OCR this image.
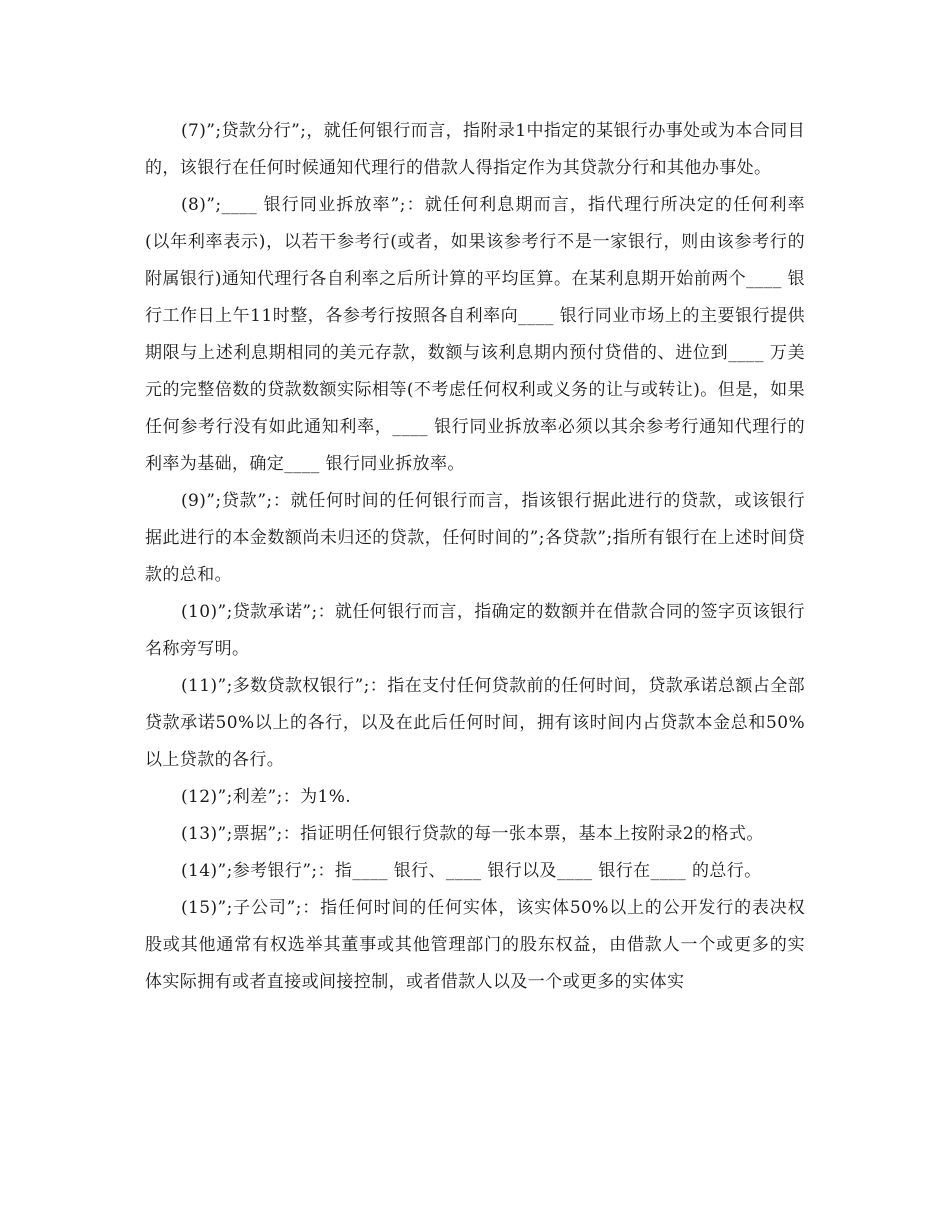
(7)”;贷款分行”;，就任何银行而言，指附录1中指定的某银行办事处或为本合同目的，该银行在任何时候通知代理行的借款人得指定作为其贷款分行和其他办事处。

(8)”;____ 银行同业拆放率”;：就任何利息期而言，指代理行所决定的任何利率(以年利率表示)，以若干参考行(或者，如果该参考行不是一家银行，则由该参考行的附属银行)通知代理行各自利率之后所计算的平均匡算。在某利息期开始前两个____ 银行工作日上午11时整，各参考行按照各自利率向____ 银行同业市场上的主要银行提供期限与上述利息期相同的美元存款，数额与该利息期内预付贷借的、进位到____ 万美元的完整倍数的贷款数额实际相等(不考虑任何权利或义务的让与或转让)。但是，如果任何参考行没有如此通知利率，____ 银行同业拆放率必须以其余参考行通知代理行的利率为基础，确定____ 银行同业拆放率。

(9)”;贷款”;：就任何时间的任何银行而言，指该银行据此进行的贷款，或该银行据此进行的本金数额尚未归还的贷款，任何时间的”;各贷款”;指所有银行在上述时间贷款的总和。

(10)”;贷款承诺”;：就任何银行而言，指确定的数额并在借款合同的签字页该银行名称旁写明。

(11)”;多数贷款权银行”;：指在支付任何贷款前的任何时间，贷款承诺总额占全部贷款承诺50%以上的各行，以及在此后任何时间，拥有该时间内占贷款本金总和50%以上贷款的各行。

(12)”;利差”;：为1%.

(13)”;票据”;：指证明任何银行贷款的每一张本票，基本上按附录2的格式。

(14)”;参考银行”;：指____ 银行、____ 银行以及____ 银行在____ 的总行。

(15)”;子公司”;：指任何时间的任何实体，该实体50%以上的公开发行的表决权股或其他通常有权选举其董事或其他管理部门的股东权益，由借款人一个或更多的实体实际拥有或者直接或间接控制，或者借款人以及一个或更多的实体实
